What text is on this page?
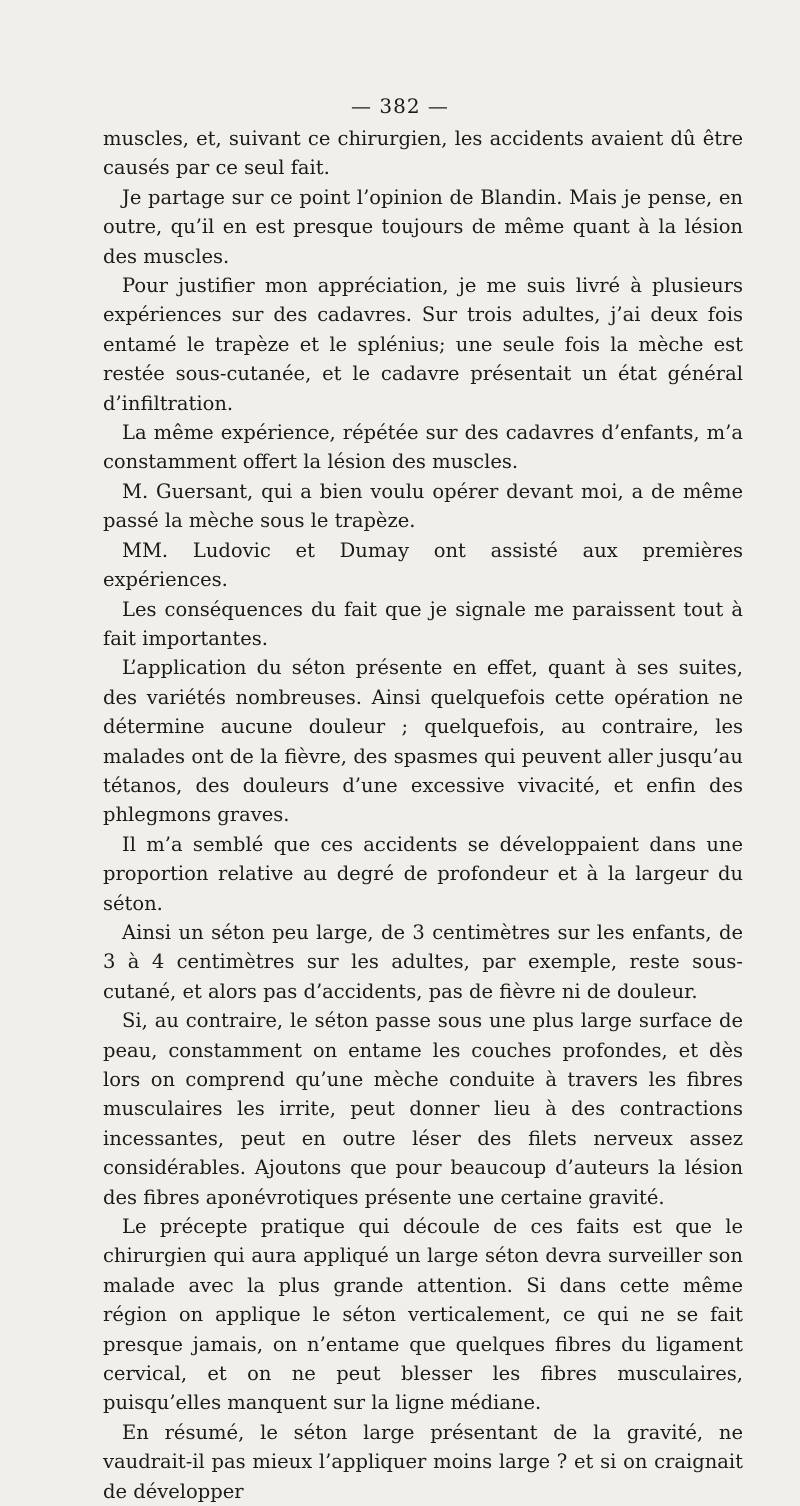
— 382 —

muscles, et, suivant ce chirurgien, les accidents avaient dû être causés par ce seul fait.

Je partage sur ce point l’opinion de Blandin. Mais je pense, en outre, qu’il en est presque toujours de même quant à la lésion des muscles.

Pour justifier mon appréciation, je me suis livré à plusieurs expériences sur des cadavres. Sur trois adultes, j’ai deux fois entamé le trapèze et le splénius; une seule fois la mèche est restée sous-cutanée, et le cadavre présentait un état général d’infiltration.

La même expérience, répétée sur des cadavres d’enfants, m’a constamment offert la lésion des muscles.

M. Guersant, qui a bien voulu opérer devant moi, a de même passé la mèche sous le trapèze.

MM. Ludovic et Dumay ont assisté aux premières expériences.

Les conséquences du fait que je signale me paraissent tout à fait importantes.

L’application du séton présente en effet, quant à ses suites, des variétés nombreuses. Ainsi quelquefois cette opération ne détermine aucune douleur ; quelquefois, au contraire, les malades ont de la fièvre, des spasmes qui peuvent aller jusqu’au tétanos, des douleurs d’une excessive vivacité, et enfin des phlegmons graves.

Il m’a semblé que ces accidents se développaient dans une proportion relative au degré de profondeur et à la largeur du séton.

Ainsi un séton peu large, de 3 centimètres sur les enfants, de 3 à 4 centimètres sur les adultes, par exemple, reste sous-cutané, et alors pas d’accidents, pas de fièvre ni de douleur.

Si, au contraire, le séton passe sous une plus large surface de peau, constamment on entame les couches profondes, et dès lors on comprend qu’une mèche conduite à travers les fibres musculaires les irrite, peut donner lieu à des contractions incessantes, peut en outre léser des filets nerveux assez considérables. Ajoutons que pour beaucoup d’auteurs la lésion des fibres aponévrotiques présente une certaine gravité.

Le précepte pratique qui découle de ces faits est que le chirurgien qui aura appliqué un large séton devra surveiller son malade avec la plus grande attention. Si dans cette même région on applique le séton verticalement, ce qui ne se fait presque jamais, on n’entame que quelques fibres du ligament cervical, et on ne peut blesser les fibres musculaires, puisqu’elles manquent sur la ligne médiane.

En résumé, le séton large présentant de la gravité, ne vaudrait-il pas mieux l’appliquer moins large ? et si on craignait de développer
